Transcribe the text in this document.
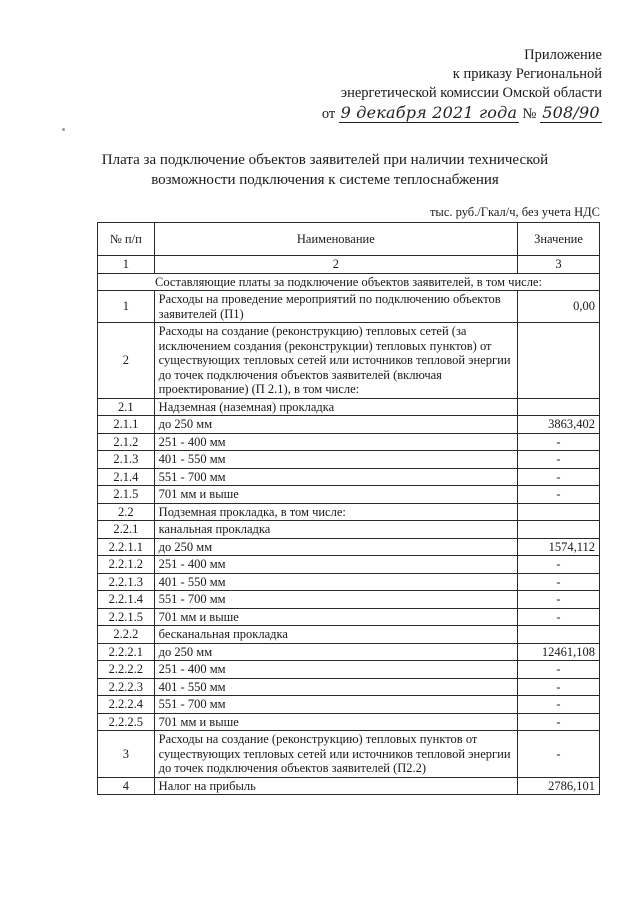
Приложение
к приказу Региональной
энергетической комиссии Омской области
от 9 декабря 2021 года № 508/90
Плата за подключение объектов заявителей при наличии технической возможности подключения к системе теплоснабжения
тыс. руб./Гкал/ч, без учета НДС
№ п/п	Наименование	Значение
1	2	3
Составляющие платы за подключение объектов заявителей, в том числе:		
1	Расходы на проведение мероприятий по подключению объектов заявителей (П1)	0,00
2	Расходы на создание (реконструкцию) тепловых сетей (за исключением создания (реконструкции) тепловых пунктов) от существующих тепловых сетей или источников тепловой энергии до точек подключения объектов заявителей (включая проектирование) (П 2.1), в том числе:	
2.1	Надземная (наземная) прокладка	
2.1.1	до 250 мм	3863,402
2.1.2	251 - 400 мм	-
2.1.3	401 - 550 мм	-
2.1.4	551 - 700 мм	-
2.1.5	701 мм и выше	-
2.2	Подземная прокладка, в том числе:	
2.2.1	канальная прокладка	
2.2.1.1	до 250 мм	1574,112
2.2.1.2	251 - 400 мм	-
2.2.1.3	401 - 550 мм	-
2.2.1.4	551 - 700 мм	-
2.2.1.5	701 мм и выше	-
2.2.2	бесканальная прокладка	
2.2.2.1	до 250 мм	12461,108
2.2.2.2	251 - 400 мм	-
2.2.2.3	401 - 550 мм	-
2.2.2.4	551 - 700 мм	-
2.2.2.5	701 мм и выше	-
3	Расходы на создание (реконструкцию) тепловых пунктов от существующих тепловых сетей или источников тепловой энергии до точек подключения объектов заявителей (П2.2)	-
4	Налог на прибыль	2786,101
